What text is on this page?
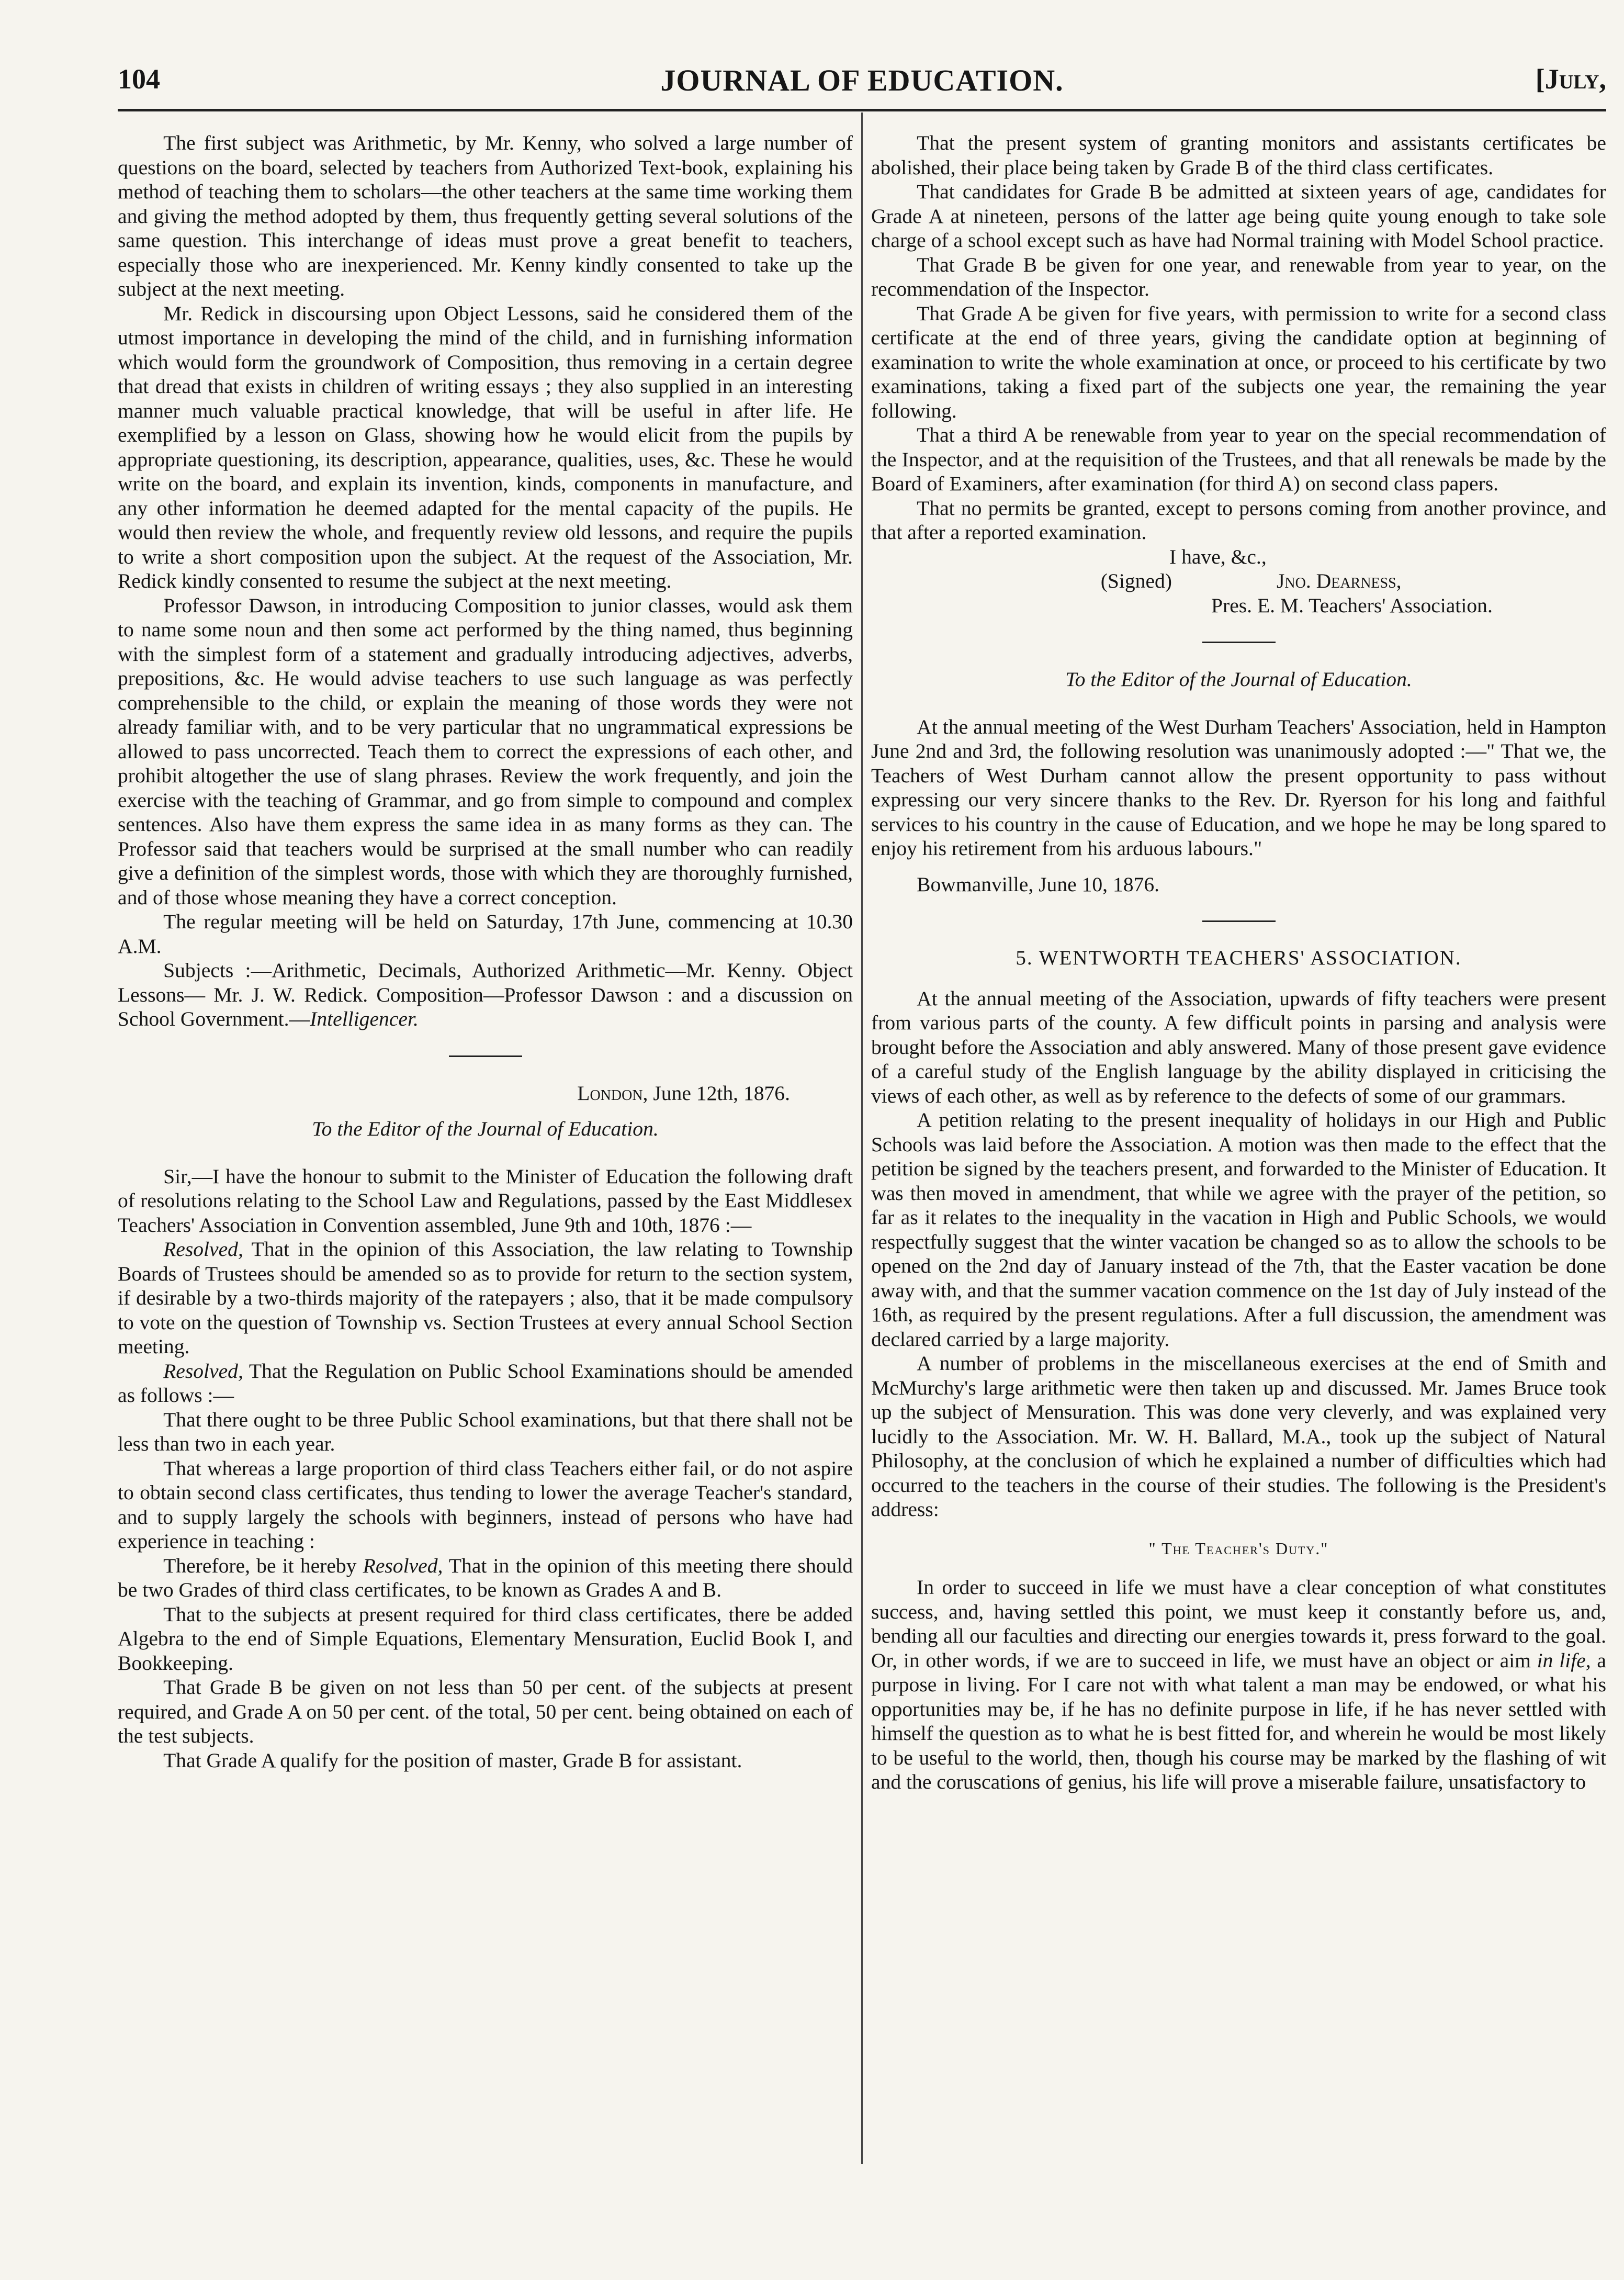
104	JOURNAL OF EDUCATION.	[July,

The first subject was Arithmetic, by Mr. Kenny, who solved a large number of questions on the board, selected by teachers from Authorized Text-book, explaining his method of teaching them to scholars—the other teachers at the same time working them and giving the method adopted by them, thus frequently getting several solutions of the same question. This interchange of ideas must prove a great benefit to teachers, especially those who are inexperienced. Mr. Kenny kindly consented to take up the subject at the next meeting.

Mr. Redick in discoursing upon Object Lessons, said he considered them of the utmost importance in developing the mind of the child, and in furnishing information which would form the groundwork of Composition, thus removing in a certain degree that dread that exists in children of writing essays ; they also supplied in an interesting manner much valuable practical knowledge, that will be useful in after life. He exemplified by a lesson on Glass, showing how he would elicit from the pupils by appropriate questioning, its description, appearance, qualities, uses, &c. These he would write on the board, and explain its invention, kinds, components in manufacture, and any other information he deemed adapted for the mental capacity of the pupils. He would then review the whole, and frequently review old lessons, and require the pupils to write a short composition upon the subject. At the request of the Association, Mr. Redick kindly consented to resume the subject at the next meeting.

Professor Dawson, in introducing Composition to junior classes, would ask them to name some noun and then some act performed by the thing named, thus beginning with the simplest form of a statement and gradually introducing adjectives, adverbs, prepositions, &c. He would advise teachers to use such language as was perfectly comprehensible to the child, or explain the meaning of those words they were not already familiar with, and to be very particular that no ungrammatical expressions be allowed to pass uncorrected. Teach them to correct the expressions of each other, and prohibit altogether the use of slang phrases. Review the work frequently, and join the exercise with the teaching of Grammar, and go from simple to compound and complex sentences. Also have them express the same idea in as many forms as they can. The Professor said that teachers would be surprised at the small number who can readily give a definition of the simplest words, those with which they are thoroughly furnished, and of those whose meaning they have a correct conception.

The regular meeting will be held on Saturday, 17th June, commencing at 10.30 A.M.

Subjects :—Arithmetic, Decimals, Authorized Arithmetic—Mr. Kenny. Object Lessons— Mr. J. W. Redick. Composition—Professor Dawson : and a discussion on School Government.—Intelligencer.

London, June 12th, 1876.

To the Editor of the Journal of Education.

Sir,—I have the honour to submit to the Minister of Education the following draft of resolutions relating to the School Law and Regulations, passed by the East Middlesex Teachers' Association in Convention assembled, June 9th and 10th, 1876 :—

Resolved, That in the opinion of this Association, the law relating to Township Boards of Trustees should be amended so as to provide for return to the section system, if desirable by a two-thirds majority of the ratepayers ; also, that it be made compulsory to vote on the question of Township vs. Section Trustees at every annual School Section meeting.

Resolved, That the Regulation on Public School Examinations should be amended as follows :—

That there ought to be three Public School examinations, but that there shall not be less than two in each year.

That whereas a large proportion of third class Teachers either fail, or do not aspire to obtain second class certificates, thus tending to lower the average Teacher's standard, and to supply largely the schools with beginners, instead of persons who have had experience in teaching :

Therefore, be it hereby Resolved, That in the opinion of this meeting there should be two Grades of third class certificates, to be known as Grades A and B.

That to the subjects at present required for third class certificates, there be added Algebra to the end of Simple Equations, Elementary Mensuration, Euclid Book I, and Bookkeeping.

That Grade B be given on not less than 50 per cent. of the subjects at present required, and Grade A on 50 per cent. of the total, 50 per cent. being obtained on each of the test subjects.

That Grade A qualify for the position of master, Grade B for assistant.

That the present system of granting monitors and assistants certificates be abolished, their place being taken by Grade B of the third class certificates.

That candidates for Grade B be admitted at sixteen years of age, candidates for Grade A at nineteen, persons of the latter age being quite young enough to take sole charge of a school except such as have had Normal training with Model School practice.

That Grade B be given for one year, and renewable from year to year, on the recommendation of the Inspector.

That Grade A be given for five years, with permission to write for a second class certificate at the end of three years, giving the candidate option at beginning of examination to write the whole examination at once, or proceed to his certificate by two examinations, taking a fixed part of the subjects one year, the remaining the year following.

That a third A be renewable from year to year on the special recommendation of the Inspector, and at the requisition of the Trustees, and that all renewals be made by the Board of Examiners, after examination (for third A) on second class papers.

That no permits be granted, except to persons coming from another province, and that after a reported examination.

I have, &c.,
(Signed)	Jno. Dearness,
Pres. E. M. Teachers' Association.

To the Editor of the Journal of Education.

At the annual meeting of the West Durham Teachers' Association, held in Hampton June 2nd and 3rd, the following resolution was unanimously adopted :—" That we, the Teachers of West Durham cannot allow the present opportunity to pass without expressing our very sincere thanks to the Rev. Dr. Ryerson for his long and faithful services to his country in the cause of Education, and we hope he may be long spared to enjoy his retirement from his arduous labours."

Bowmanville, June 10, 1876.

5. WENTWORTH TEACHERS' ASSOCIATION.

At the annual meeting of the Association, upwards of fifty teachers were present from various parts of the county. A few difficult points in parsing and analysis were brought before the Association and ably answered. Many of those present gave evidence of a careful study of the English language by the ability displayed in criticising the views of each other, as well as by reference to the defects of some of our grammars.

A petition relating to the present inequality of holidays in our High and Public Schools was laid before the Association. A motion was then made to the effect that the petition be signed by the teachers present, and forwarded to the Minister of Education. It was then moved in amendment, that while we agree with the prayer of the petition, so far as it relates to the inequality in the vacation in High and Public Schools, we would respectfully suggest that the winter vacation be changed so as to allow the schools to be opened on the 2nd day of January instead of the 7th, that the Easter vacation be done away with, and that the summer vacation commence on the 1st day of July instead of the 16th, as required by the present regulations. After a full discussion, the amendment was declared carried by a large majority.

A number of problems in the miscellaneous exercises at the end of Smith and McMurchy's large arithmetic were then taken up and discussed. Mr. James Bruce took up the subject of Mensuration. This was done very cleverly, and was explained very lucidly to the Association. Mr. W. H. Ballard, M.A., took up the subject of Natural Philosophy, at the conclusion of which he explained a number of difficulties which had occurred to the teachers in the course of their studies. The following is the President's address:

" The Teacher's Duty."

In order to succeed in life we must have a clear conception of what constitutes success, and, having settled this point, we must keep it constantly before us, and, bending all our faculties and directing our energies towards it, press forward to the goal. Or, in other words, if we are to succeed in life, we must have an object or aim in life, a purpose in living. For I care not with what talent a man may be endowed, or what his opportunities may be, if he has no definite purpose in life, if he has never settled with himself the question as to what he is best fitted for, and wherein he would be most likely to be useful to the world, then, though his course may be marked by the flashing of wit and the coruscations of genius, his life will prove a miserable failure, unsatisfactory to
